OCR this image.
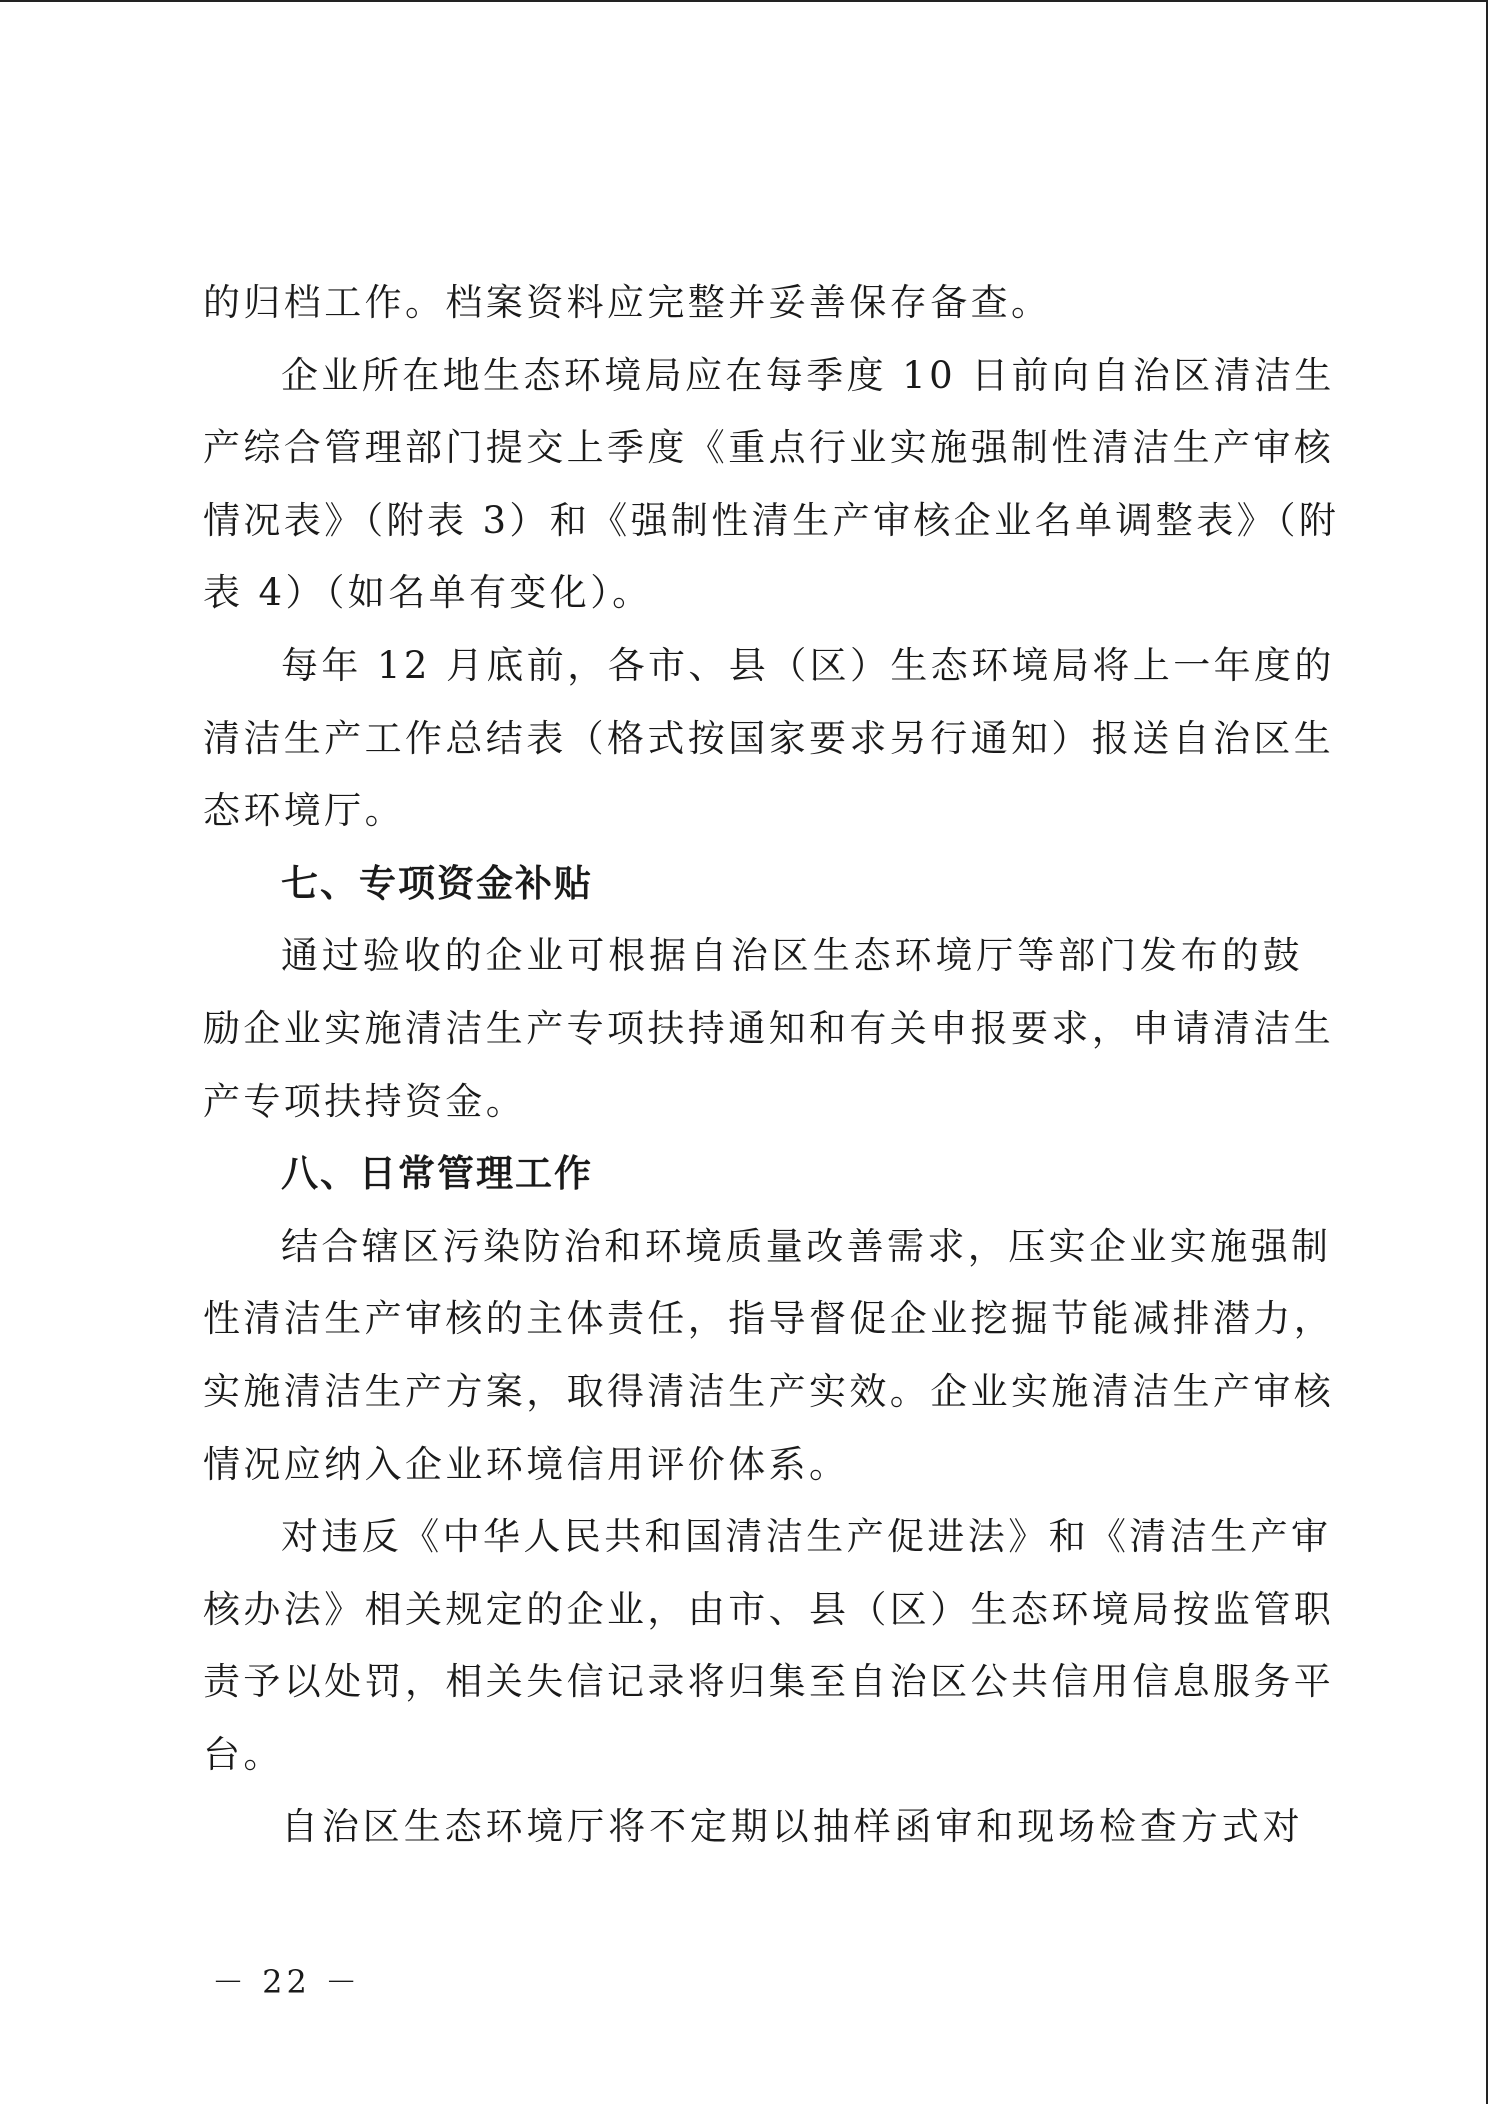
的归档工作。档案资料应完整并妥善保存备查。
企业所在地生态环境局应在每季度 10 日前向自治区清洁生
产综合管理部门提交上季度《重点行业实施强制性清洁生产审核
情况表》（附表 3）和《强制性清生产审核企业名单调整表》（附
表 4）（如名单有变化）。
每年 12 月底前，各市、县（区）生态环境局将上一年度的
清洁生产工作总结表（格式按国家要求另行通知）报送自治区生
态环境厅。
七、专项资金补贴
通过验收的企业可根据自治区生态环境厅等部门发布的鼓
励企业实施清洁生产专项扶持通知和有关申报要求，申请清洁生
产专项扶持资金。
八、日常管理工作
结合辖区污染防治和环境质量改善需求，压实企业实施强制
性清洁生产审核的主体责任，指导督促企业挖掘节能减排潜力，
实施清洁生产方案，取得清洁生产实效。企业实施清洁生产审核
情况应纳入企业环境信用评价体系。
对违反《中华人民共和国清洁生产促进法》和《清洁生产审
核办法》相关规定的企业，由市、县（区）生态环境局按监管职
责予以处罚，相关失信记录将归集至自治区公共信用信息服务平
台。
自治区生态环境厅将不定期以抽样函审和现场检查方式对
－ 22 －
